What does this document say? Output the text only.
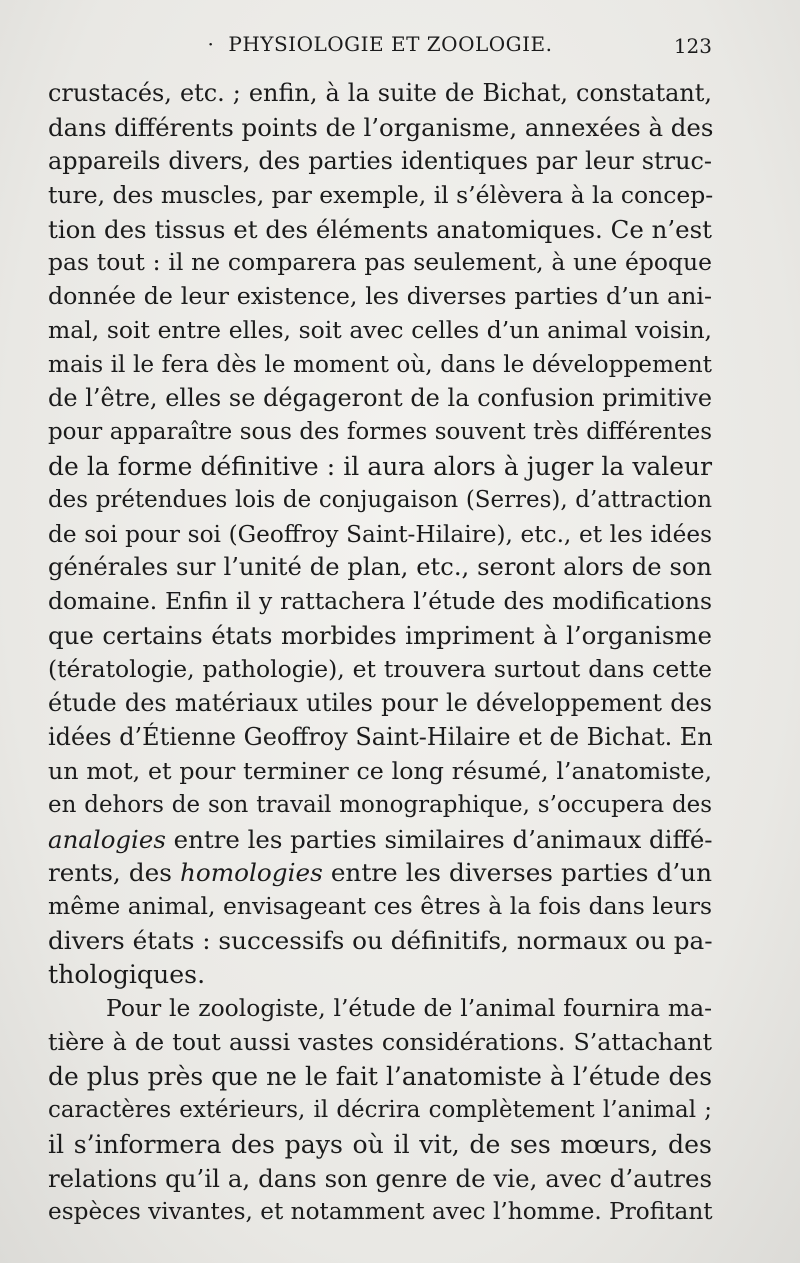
· PHYSIOLOGIE ET ZOOLOGIE.	123
crustacés, etc. ; enfin, à la suite de Bichat, constatant,
dans différents points de l’organisme, annexées à des
appareils divers, des parties identiques par leur struc-
ture, des muscles, par exemple, il s’élèvera à la concep-
tion des tissus et des éléments anatomiques. Ce n’est
pas tout : il ne comparera pas seulement, à une époque
donnée de leur existence, les diverses parties d’un ani-
mal, soit entre elles, soit avec celles d’un animal voisin,
mais il le fera dès le moment où, dans le développement
de l’être, elles se dégageront de la confusion primitive
pour apparaître sous des formes souvent très différentes
de la forme définitive : il aura alors à juger la valeur
des prétendues lois de conjugaison (Serres), d’attraction
de soi pour soi (Geoffroy Saint-Hilaire), etc., et les idées
générales sur l’unité de plan, etc., seront alors de son
domaine. Enfin il y rattachera l’étude des modifications
que certains états morbides impriment à l’organisme
(tératologie, pathologie), et trouvera surtout dans cette
étude des matériaux utiles pour le développement des
idées d’Étienne Geoffroy Saint-Hilaire et de Bichat. En
un mot, et pour terminer ce long résumé, l’anatomiste,
en dehors de son travail monographique, s’occupera des
analogies entre les parties similaires d’animaux diffé-
rents, des homologies entre les diverses parties d’un
même animal, envisageant ces êtres à la fois dans leurs
divers états : successifs ou définitifs, normaux ou pa-
thologiques.
Pour le zoologiste, l’étude de l’animal fournira ma-
tière à de tout aussi vastes considérations. S’attachant
de plus près que ne le fait l’anatomiste à l’étude des
caractères extérieurs, il décrira complètement l’animal ;
il s’informera des pays où il vit, de ses mœurs, des
relations qu’il a, dans son genre de vie, avec d’autres
espèces vivantes, et notamment avec l’homme. Profitant
